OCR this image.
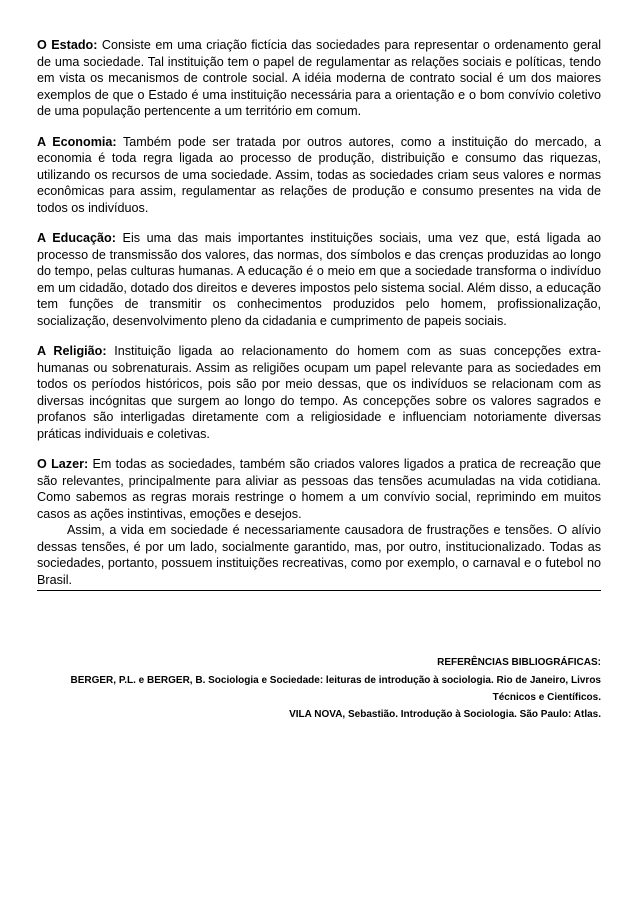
O Estado: Consiste em uma criação fictícia das sociedades para representar o ordenamento geral de uma sociedade. Tal instituição tem o papel de regulamentar as relações sociais e políticas, tendo em vista os mecanismos de controle social. A idéia moderna de contrato social é um dos maiores exemplos de que o Estado é uma instituição necessária para a orientação e o bom convívio coletivo de uma população pertencente a um território em comum.

A Economia: Também pode ser tratada por outros autores, como a instituição do mercado, a economia é toda regra ligada ao processo de produção, distribuição e consumo das riquezas, utilizando os recursos de uma sociedade. Assim, todas as sociedades criam seus valores e normas econômicas para assim, regulamentar as relações de produção e consumo presentes na vida de todos os indivíduos.

A Educação: Eis uma das mais importantes instituições sociais, uma vez que, está ligada ao processo de transmissão dos valores, das normas, dos símbolos e das crenças produzidas ao longo do tempo, pelas culturas humanas. A educação é o meio em que a sociedade transforma o indivíduo em um cidadão, dotado dos direitos e deveres impostos pelo sistema social. Além disso, a educação tem funções de transmitir os conhecimentos produzidos pelo homem, profissionalização, socialização, desenvolvimento pleno da cidadania e cumprimento de papeis sociais.

A Religião: Instituição ligada ao relacionamento do homem com as suas concepções extra-humanas ou sobrenaturais. Assim as religiões ocupam um papel relevante para as sociedades em todos os períodos históricos, pois são por meio dessas, que os indivíduos se relacionam com as diversas incógnitas que surgem ao longo do tempo. As concepções sobre os valores sagrados e profanos são interligadas diretamente com a religiosidade e influenciam notoriamente diversas práticas individuais e coletivas.

O Lazer: Em todas as sociedades, também são criados valores ligados a pratica de recreação que são relevantes, principalmente para aliviar as pessoas das tensões acumuladas na vida cotidiana. Como sabemos as regras morais restringe o homem a um convívio social, reprimindo em muitos casos as ações instintivas, emoções e desejos.
Assim, a vida em sociedade é necessariamente causadora de frustrações e tensões. O alívio dessas tensões, é por um lado, socialmente garantido, mas, por outro, institucionalizado. Todas as sociedades, portanto, possuem instituições recreativas, como por exemplo, o carnaval e o futebol no Brasil.

REFERÊNCIAS BIBLIOGRÁFICAS:

BERGER, P.L. e BERGER, B. Sociologia e Sociedade: leituras de introdução à sociologia. Rio de Janeiro, Livros Técnicos e Científicos.

VILA NOVA, Sebastião. Introdução à Sociologia. São Paulo: Atlas.
